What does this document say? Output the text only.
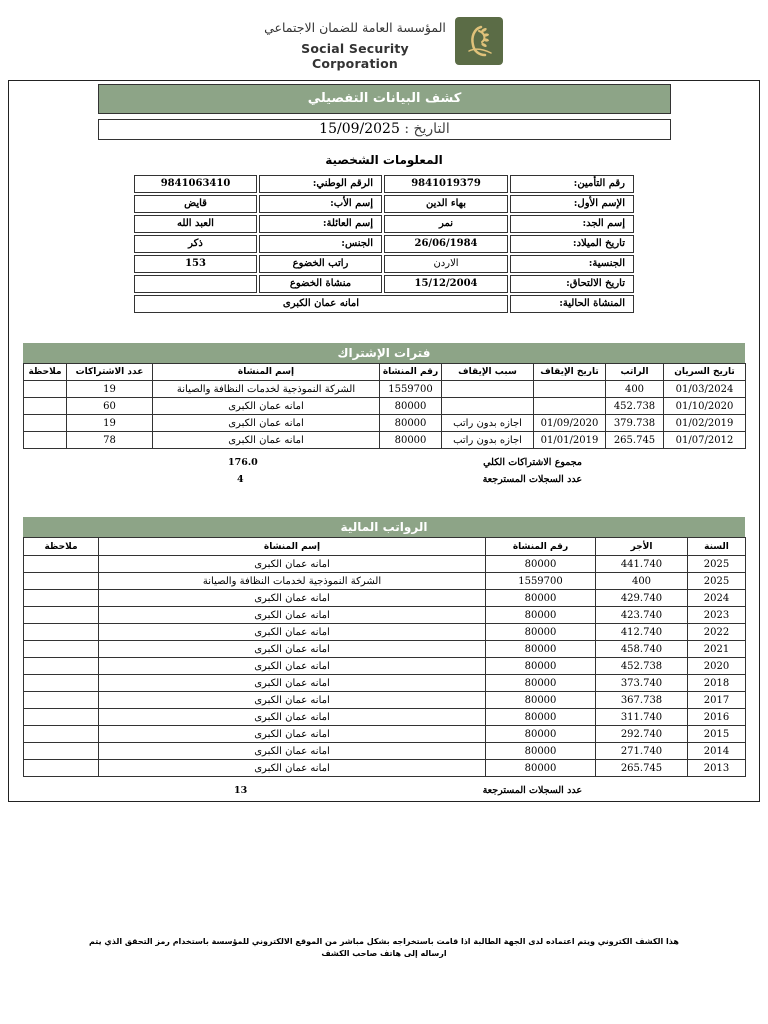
المؤسسة العامة للضمان الاجتماعي
Social Security Corporation
كشف البيانات التفصيلي
التاريخ : 15/09/2025
المعلومات الشخصية
رقم التأمين:
9841019379
الرقم الوطني:
9841063410
الإسم الأول:
بهاء الدين
إسم الأب:
قايض
إسم الجد:
نمر
إسم العائلة:
العبد الله
تاريخ الميلاد:
26/06/1984
الجنس:
ذكر
الجنسية:
الاردن
راتب الخضوع
153
تاريخ الالتحاق:
15/12/2004
منشاة الخضوع
المنشاة الحالية:
امانه عمان الكبرى
فترات الإشتراك
تاريخ السريان	الراتب	تاريخ الإيقاف	سبب الإيقاف	رقم المنشاة	إسم المنشاة	عدد الاشتراكات	ملاحظة
01/03/2024	400			1559700	الشركة النموذجية لخدمات النظافة والصيانة	19	
01/10/2020	452.738			80000	امانه عمان الكبرى	60	
01/02/2019	379.738	01/09/2020	اجازه بدون راتب	80000	امانه عمان الكبرى	19	
01/07/2012	265.745	01/01/2019	اجازه بدون راتب	80000	امانه عمان الكبرى	78	
مجموع الاشتراكات الكلي
176.0
عدد السجلات المسترجعة
4
الرواتب المالية
السنة	الأجر	رقم المنشاة	إسم المنشاة	ملاحظة
2025	441.740	80000	امانه عمان الكبرى	
2025	400	1559700	الشركة النموذجية لخدمات النظافة والصيانة	
2024	429.740	80000	امانه عمان الكبرى	
2023	423.740	80000	امانه عمان الكبرى	
2022	412.740	80000	امانه عمان الكبرى	
2021	458.740	80000	امانه عمان الكبرى	
2020	452.738	80000	امانه عمان الكبرى	
2018	373.740	80000	امانه عمان الكبرى	
2017	367.738	80000	امانه عمان الكبرى	
2016	311.740	80000	امانه عمان الكبرى	
2015	292.740	80000	امانه عمان الكبرى	
2014	271.740	80000	امانه عمان الكبرى	
2013	265.745	80000	امانه عمان الكبرى	
عدد السجلات المسترجعة
13
هذا الكشف الكتروني ويتم اعتماده لدى الجهة الطالبة اذا قامت باستخراجه بشكل مباشر من الموقع الالكتروني للمؤسسة باستخدام رمز التحقق الذي يتم ارساله إلى هاتف صاحب الكشف
